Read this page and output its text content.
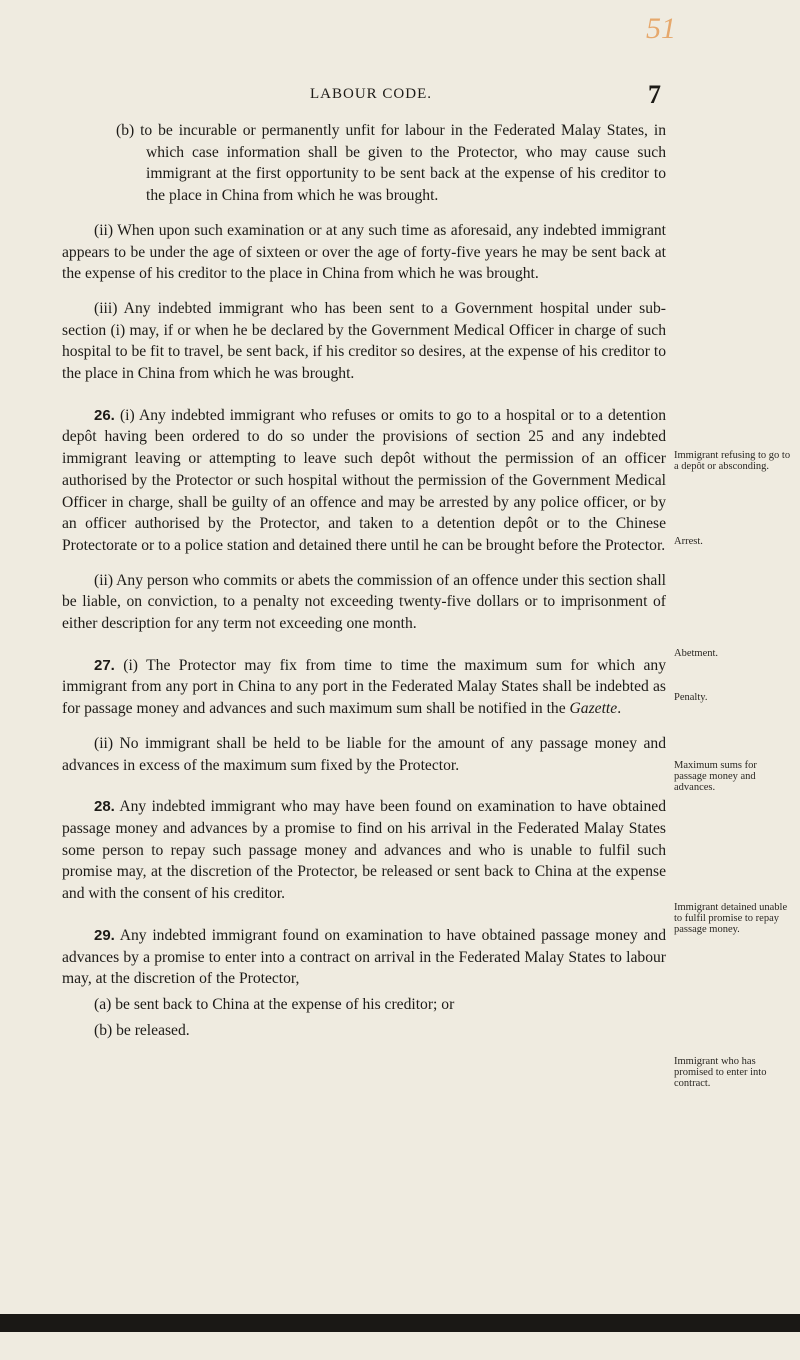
51
LABOUR CODE.	7

(b) to be incurable or permanently unfit for labour in the Federated Malay States, in which case information shall be given to the Protector, who may cause such immigrant at the first opportunity to be sent back at the expense of his creditor to the place in China from which he was brought.

(ii) When upon such examination or at any such time as aforesaid, any indebted immigrant appears to be under the age of sixteen or over the age of forty-five years he may be sent back at the expense of his creditor to the place in China from which he was brought.

(iii) Any indebted immigrant who has been sent to a Government hospital under sub-section (i) may, if or when he be declared by the Government Medical Officer in charge of such hospital to be fit to travel, be sent back, if his creditor so desires, at the expense of his creditor to the place in China from which he was brought.

26. (i) Any indebted immigrant who refuses or omits to go to a hospital or to a detention depôt having been ordered to do so under the provisions of section 25 and any indebted immigrant leaving or attempting to leave such depôt without the permission of an officer authorised by the Protector or such hospital without the permission of the Government Medical Officer in charge, shall be guilty of an offence and may be arrested by any police officer, or by an officer authorised by the Protector, and taken to a detention depôt or to the Chinese Protectorate or to a police station and detained there until he can be brought before the Protector.

(ii) Any person who commits or abets the commission of an offence under this section shall be liable, on conviction, to a penalty not exceeding twenty-five dollars or to imprisonment of either description for any term not exceeding one month.

27. (i) The Protector may fix from time to time the maximum sum for which any immigrant from any port in China to any port in the Federated Malay States shall be indebted as for passage money and advances and such maximum sum shall be notified in the Gazette.

(ii) No immigrant shall be held to be liable for the amount of any passage money and advances in excess of the maximum sum fixed by the Protector.

28. Any indebted immigrant who may have been found on examination to have obtained passage money and advances by a promise to find on his arrival in the Federated Malay States some person to repay such passage money and advances and who is unable to fulfil such promise may, at the discretion of the Protector, be released or sent back to China at the expense and with the consent of his creditor.

29. Any indebted immigrant found on examination to have obtained passage money and advances by a promise to enter into a contract on arrival in the Federated Malay States to labour may, at the discretion of the Protector,

(a) be sent back to China at the expense of his creditor; or

(b) be released.

Immigrant refusing to go to a depôt or absconding.
Arrest.
Abetment.
Penalty.
Maximum sums for passage money and advances.
Immigrant detained unable to fulfil promise to repay passage money.
Immigrant who has promised to enter into contract.
